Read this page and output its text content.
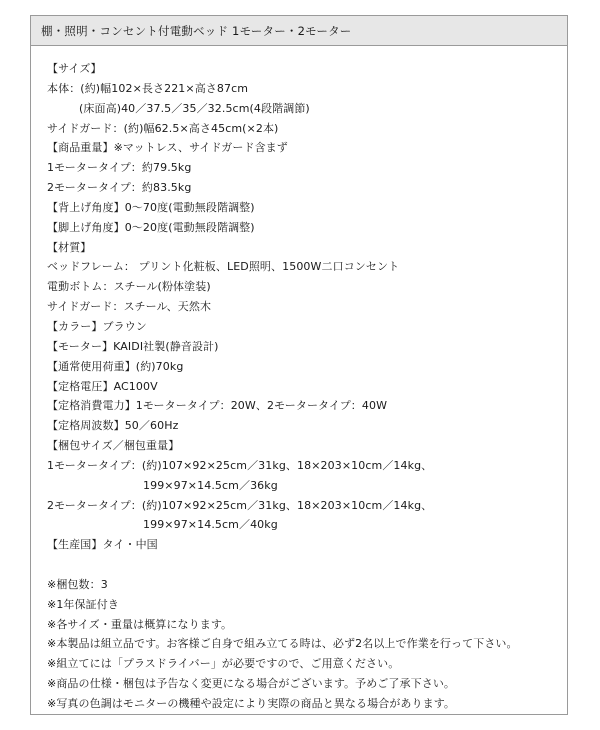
棚・照明・コンセント付電動ベッド 1モーター・2モーター
【サイズ】
本体：(約)幅102×長さ221×高さ87cm
(床面高)40／37.5／35／32.5cm(4段階調節)
サイドガード：(約)幅62.5×高さ45cm(×2本)
【商品重量】※マットレス、サイドガード含まず
1モータータイプ：約79.5kg
2モータータイプ：約83.5kg
【背上げ角度】0～70度(電動無段階調整)
【脚上げ角度】0～20度(電動無段階調整)
【材質】
ベッドフレーム： プリント化粧板、LED照明、1500W二口コンセント
電動ボトム：スチール(粉体塗装)
サイドガード：スチール、天然木
【カラー】ブラウン
【モーター】KAIDI社製(静音設計)
【通常使用荷重】(約)70kg
【定格電圧】AC100V
【定格消費電力】1モータータイプ：20W、2モータータイプ：40W
【定格周波数】50／60Hz
【梱包サイズ／梱包重量】
1モータータイプ：(約)107×92×25cm／31kg、18×203×10cm／14kg、
199×97×14.5cm／36kg
2モータータイプ：(約)107×92×25cm／31kg、18×203×10cm／14kg、
199×97×14.5cm／40kg
【生産国】タイ・中国
※梱包数：3
※1年保証付き
※各サイズ・重量は概算になります。
※本製品は組立品です。お客様ご自身で組み立てる時は、必ず2名以上で作業を行って下さい。
※組立てには「プラスドライバー」が必要ですので、ご用意ください。
※商品の仕様・梱包は予告なく変更になる場合がございます。予めご了承下さい。
※写真の色調はモニターの機種や設定により実際の商品と異なる場合があります。
